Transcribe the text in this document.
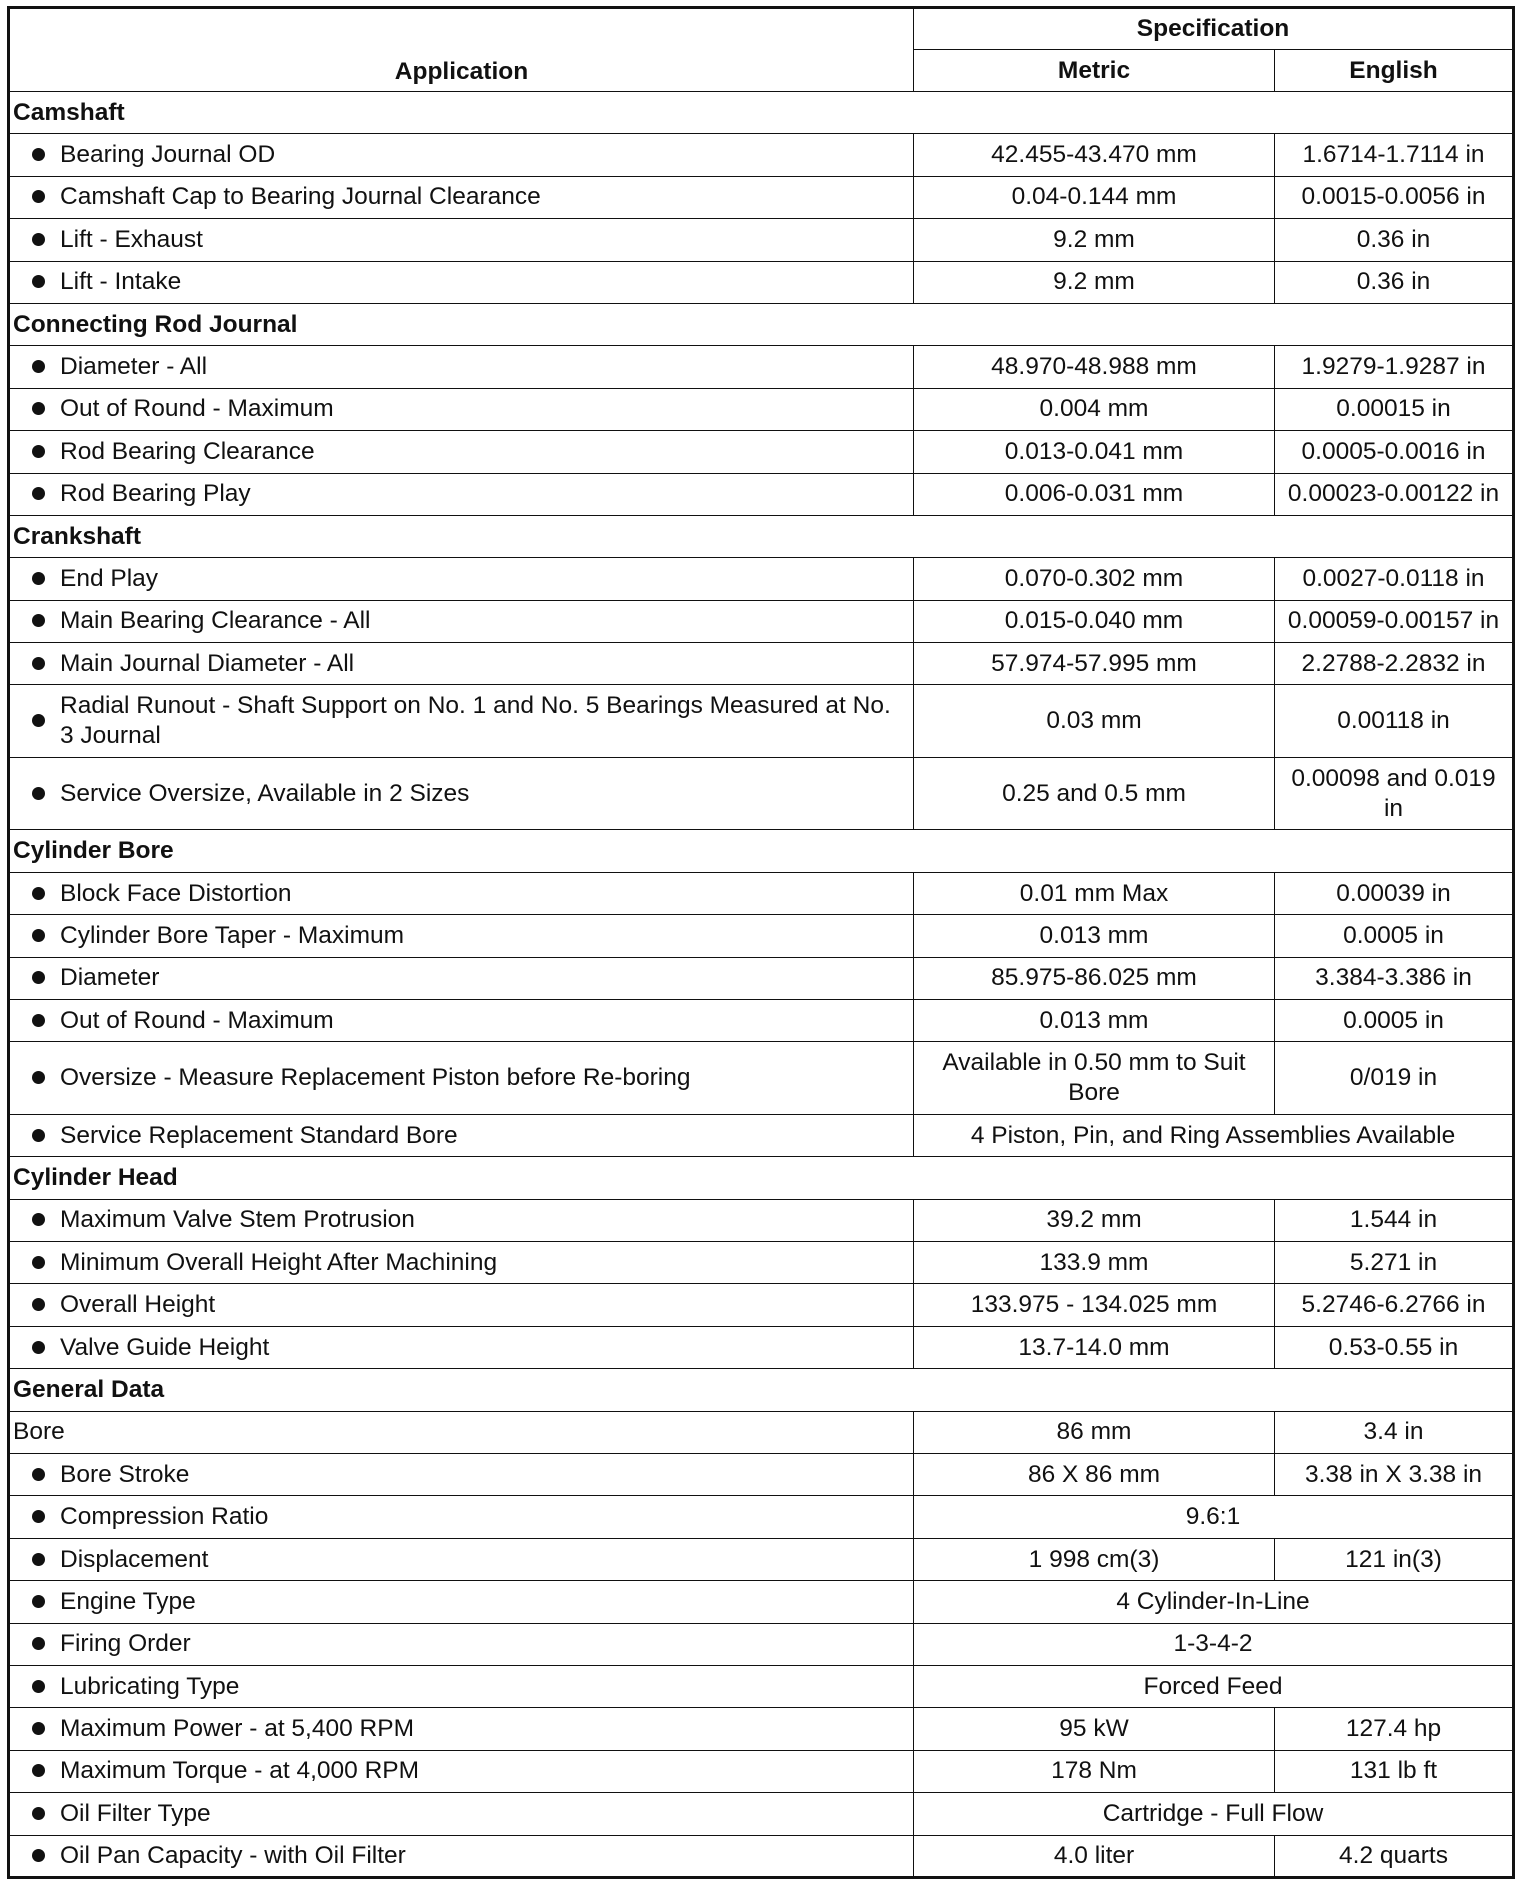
Application	Specification	
	Metric	English
Camshaft		

Bearing Journal OD	42.455-43.470 mm	1.6714-1.7114 in

Camshaft Cap to Bearing Journal Clearance	0.04-0.144 mm	0.0015-0.0056 in

Lift - Exhaust	9.2 mm	0.36 in

Lift - Intake	9.2 mm	0.36 in
Connecting Rod Journal		

Diameter - All	48.970-48.988 mm	1.9279-1.9287 in

Out of Round - Maximum	0.004 mm	0.00015 in

Rod Bearing Clearance	0.013-0.041 mm	0.0005-0.0016 in

Rod Bearing Play	0.006-0.031 mm	0.00023-0.00122 in
Crankshaft		

End Play	0.070-0.302 mm	0.0027-0.0118 in

Main Bearing Clearance - All	0.015-0.040 mm	0.00059-0.00157 in

Main Journal Diameter - All	57.974-57.995 mm	2.2788-2.2832 in

Radial Runout - Shaft Support on No. 1 and No. 5 Bearings Measured at No. 3 Journal	0.03 mm	0.00118 in

Service Oversize, Available in 2 Sizes	0.25 and 0.5 mm	0.00098 and 0.019 in
Cylinder Bore		

Block Face Distortion	0.01 mm Max	0.00039 in

Cylinder Bore Taper - Maximum	0.013 mm	0.0005 in

Diameter	85.975-86.025 mm	3.384-3.386 in

Out of Round - Maximum	0.013 mm	0.0005 in

Oversize - Measure Replacement Piston before Re-boring	Available in 0.50 mm to Suit Bore	0/019 in

Service Replacement Standard Bore	4 Piston, Pin, and Ring Assemblies Available	
Cylinder Head		

Maximum Valve Stem Protrusion	39.2 mm	1.544 in

Minimum Overall Height After Machining	133.9 mm	5.271 in

Overall Height	133.975 - 134.025 mm	5.2746-6.2766 in

Valve Guide Height	13.7-14.0 mm	0.53-0.55 in
General Data		
Bore	86 mm	3.4 in

Bore Stroke	86 X 86 mm	3.38 in X 3.38 in

Compression Ratio	9.6:1	

Displacement	1 998 cm(3)	121 in(3)

Engine Type	4 Cylinder-In-Line	

Firing Order	1-3-4-2	

Lubricating Type	Forced Feed	

Maximum Power - at 5,400 RPM	95 kW	127.4 hp

Maximum Torque - at 4,000 RPM	178 Nm	131 lb ft

Oil Filter Type	Cartridge - Full Flow	

Oil Pan Capacity - with Oil Filter	4.0 liter	4.2 quarts
